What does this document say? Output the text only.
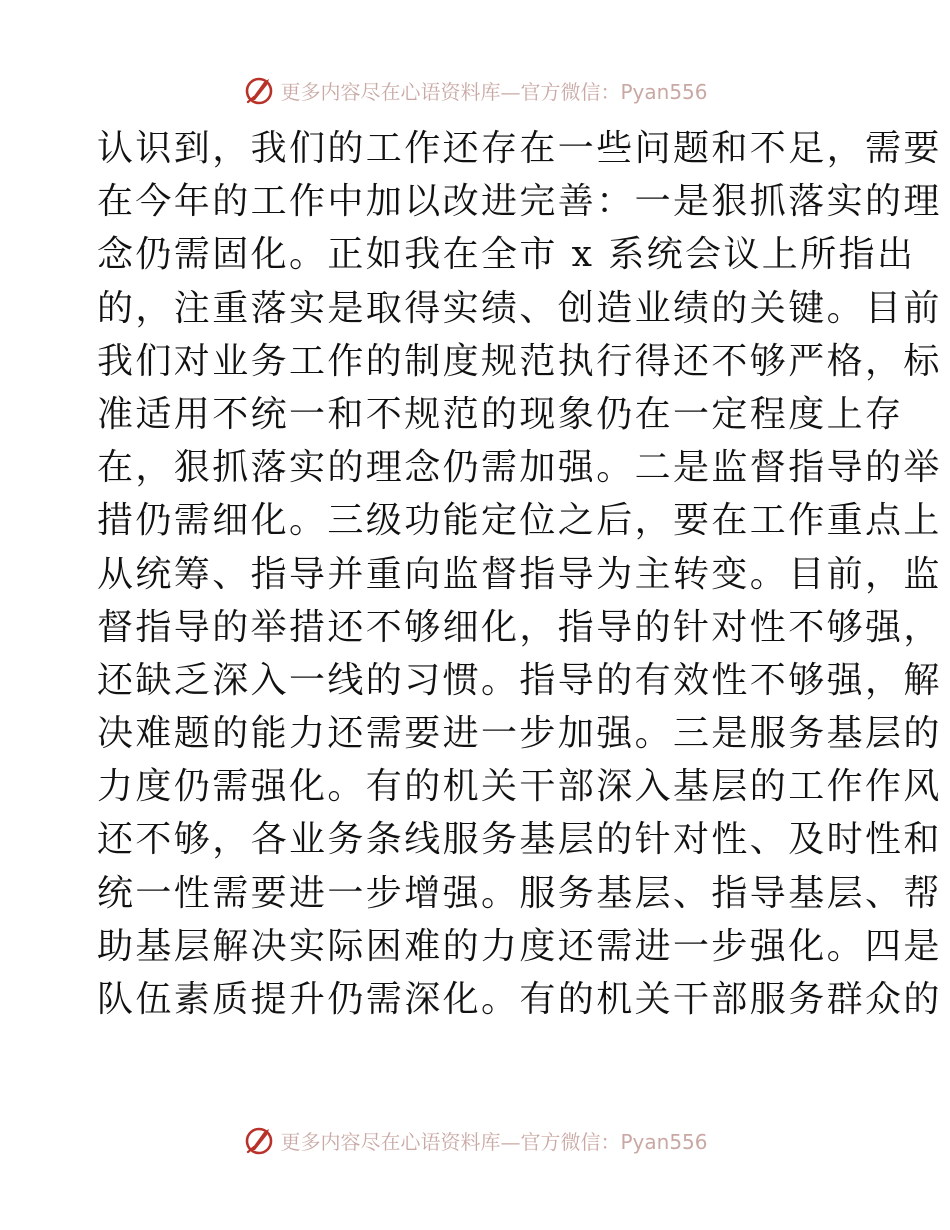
更多内容尽在心语资料库—官方微信：Pyan556
认识到，我们的工作还存在一些问题和不足，需要
在今年的工作中加以改进完善：一是狠抓落实的理
念仍需固化。正如我在全市 x 系统会议上所指出
的，注重落实是取得实绩、创造业绩的关键。目前
我们对业务工作的制度规范执行得还不够严格，标
准适用不统一和不规范的现象仍在一定程度上存
在，狠抓落实的理念仍需加强。二是监督指导的举
措仍需细化。三级功能定位之后，要在工作重点上
从统筹、指导并重向监督指导为主转变。目前，监
督指导的举措还不够细化，指导的针对性不够强，
还缺乏深入一线的习惯。指导的有效性不够强，解
决难题的能力还需要进一步加强。三是服务基层的
力度仍需强化。有的机关干部深入基层的工作作风
还不够，各业务条线服务基层的针对性、及时性和
统一性需要进一步增强。服务基层、指导基层、帮
助基层解决实际困难的力度还需进一步强化。四是
队伍素质提升仍需深化。有的机关干部服务群众的
更多内容尽在心语资料库—官方微信：Pyan556
